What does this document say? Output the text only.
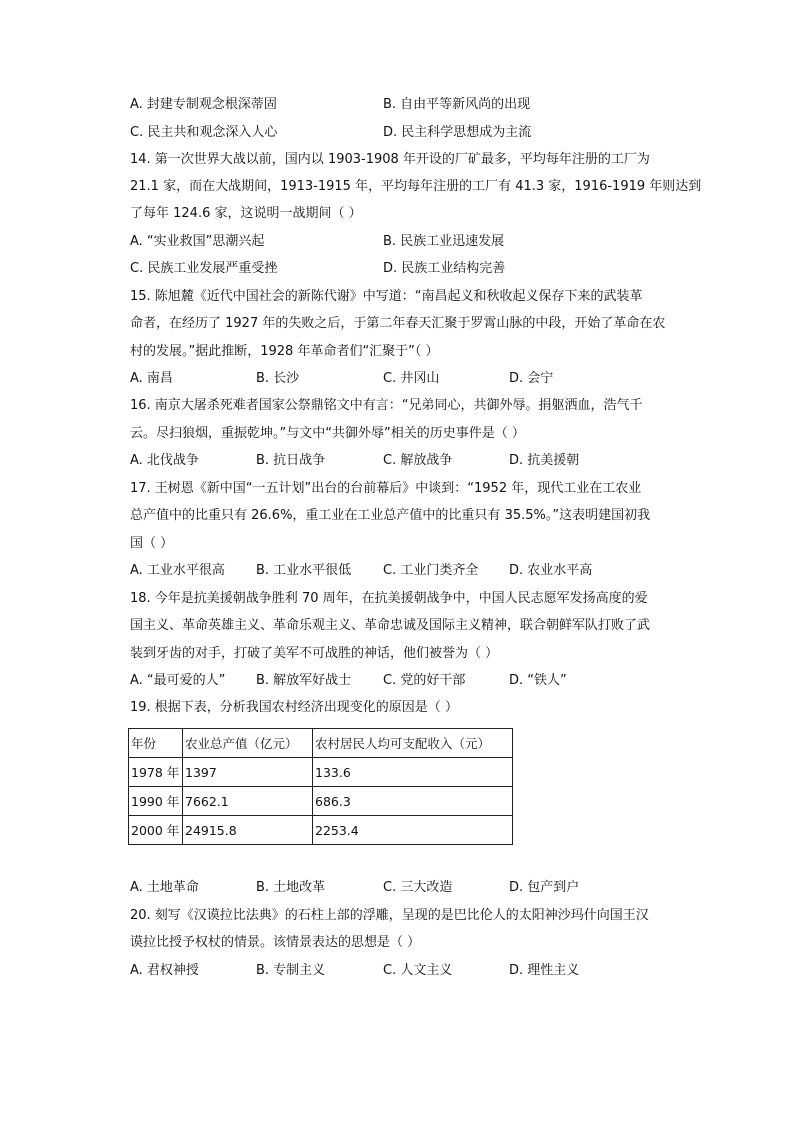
A. 封建专制观念根深蒂固	B. 自由平等新风尚的出现
C. 民主共和观念深入人心	D. 民主科学思想成为主流
14. 第一次世界大战以前，国内以 1903-1908 年开设的厂矿最多，平均每年注册的工厂为
21.1 家，而在大战期间，1913-1915 年，平均每年注册的工厂有 41.3 家，1916-1919 年则达到
了每年 124.6 家，这说明一战期间（ ）
A. “实业救国”思潮兴起	B. 民族工业迅速发展
C. 民族工业发展严重受挫	D. 民族工业结构完善
15. 陈旭麓《近代中国社会的新陈代谢》中写道：“南昌起义和秋收起义保存下来的武装革
命者，在经历了 1927 年的失败之后，于第二年春天汇聚于罗霄山脉的中段，开始了革命在农
村的发展。”据此推断，1928 年革命者们“汇聚于”（ ）
A. 南昌	B. 长沙	C. 井冈山	D. 会宁
16. 南京大屠杀死难者国家公祭鼎铭文中有言：“兄弟同心，共御外辱。捐躯洒血，浩气千
云。尽扫狼烟，重振乾坤。”与文中“共御外辱”相关的历史事件是（ ）
A. 北伐战争	B. 抗日战争	C. 解放战争	D. 抗美援朝
17. 王树恩《新中国“一五计划”出台的台前幕后》中谈到：“1952 年，现代工业在工农业
总产值中的比重只有 26.6%，重工业在工业总产值中的比重只有 35.5%。”这表明建国初我
国（ ）
A. 工业水平很高 B. 工业水平很低 C. 工业门类齐全 D. 农业水平高
18. 今年是抗美援朝战争胜利 70 周年，在抗美援朝战争中，中国人民志愿军发扬高度的爱
国主义、革命英雄主义、革命乐观主义、革命忠诚及国际主义精神，联合朝鲜军队打败了武
装到牙齿的对手，打破了美军不可战胜的神话，他们被誉为（ ）
A. “最可爱的人” B. 解放军好战士 C. 党的好干部	D. “铁人”
19. 根据下表，分析我国农村经济出现变化的原因是（ ）
年份	农业总产值（亿元）	农村居民人均可支配收入（元）
1978 年	1397	133.6
1990 年	7662.1	686.3
2000 年	24915.8	2253.4
A. 土地革命	B. 土地改革	C. 三大改造	D. 包产到户
20. 刻写《汉谟拉比法典》的石柱上部的浮雕，呈现的是巴比伦人的太阳神沙玛什向国王汉
谟拉比授予权杖的情景。该情景表达的思想是（ ）
A. 君权神授	B. 专制主义	C. 人文主义	D. 理性主义
